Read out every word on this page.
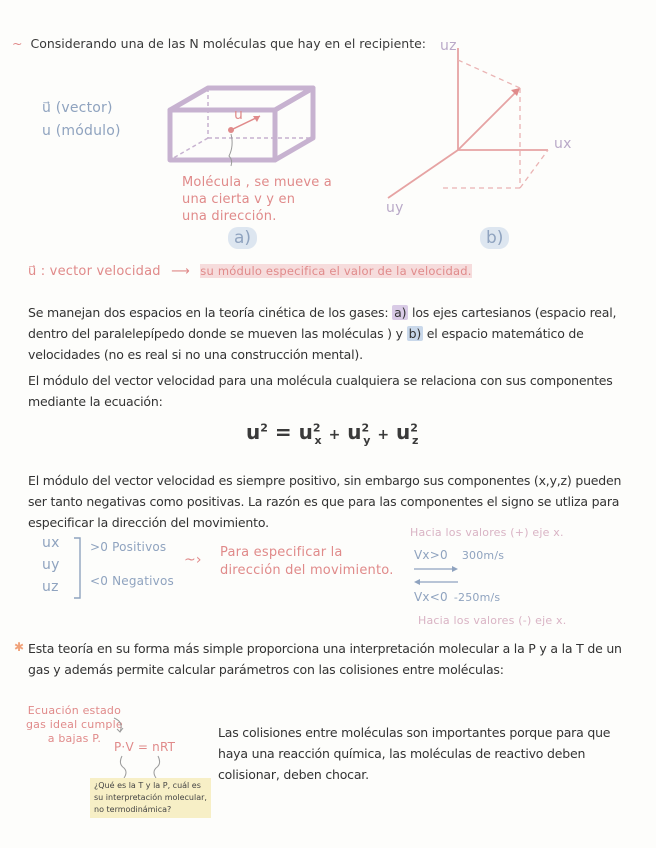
~ Considerando una de las N moléculas que hay en el recipiente:
u⃗ (vector)
u (módulo)
u
Molécula , se mueve a
una cierta v y en
una dirección.
a)
uz
ux
uy
b)
u⃗ : vector velocidad ⟶ su módulo especifica el valor de la velocidad.
Se manejan dos espacios en la teoría cinética de los gases: a) los ejes cartesianos (espacio real, dentro del paralelepípedo donde se mueven las moléculas ) y b) el espacio matemático de velocidades (no es real si no una construcción mental).
El módulo del vector velocidad para una molécula cualquiera se relaciona con sus componentes mediante la ecuación:
$u^2 = u^2_x + u^2_y + u^2_z$
El módulo del vector velocidad es siempre positivo, sin embargo sus componentes (x,y,z) pueden ser tanto negativas como positivas. La razón es que para las componentes el signo se utliza para especificar la dirección del movimiento.
ux
uy
uz
>0 Positivos
<0 Negativos
~› Para especificar la
dirección del movimiento.
Hacia los valores (+) eje x.
Vx>0 300m/s
Vx<0 -250m/s
Hacia los valores (-) eje x.
✱ Esta teoría en su forma más simple proporciona una interpretación molecular a la P y a la T de un gas y además permite calcular parámetros con las colisiones entre moléculas:
Ecuación estado
gas ideal cumple
a bajas P.
P·V = nRT
¿Qué es la T y la P, cuál es
su interpretación molecular,
no termodinámica?
Las colisiones entre moléculas son importantes porque para que haya una reacción química, las moléculas de reactivo deben colisionar, deben chocar.
